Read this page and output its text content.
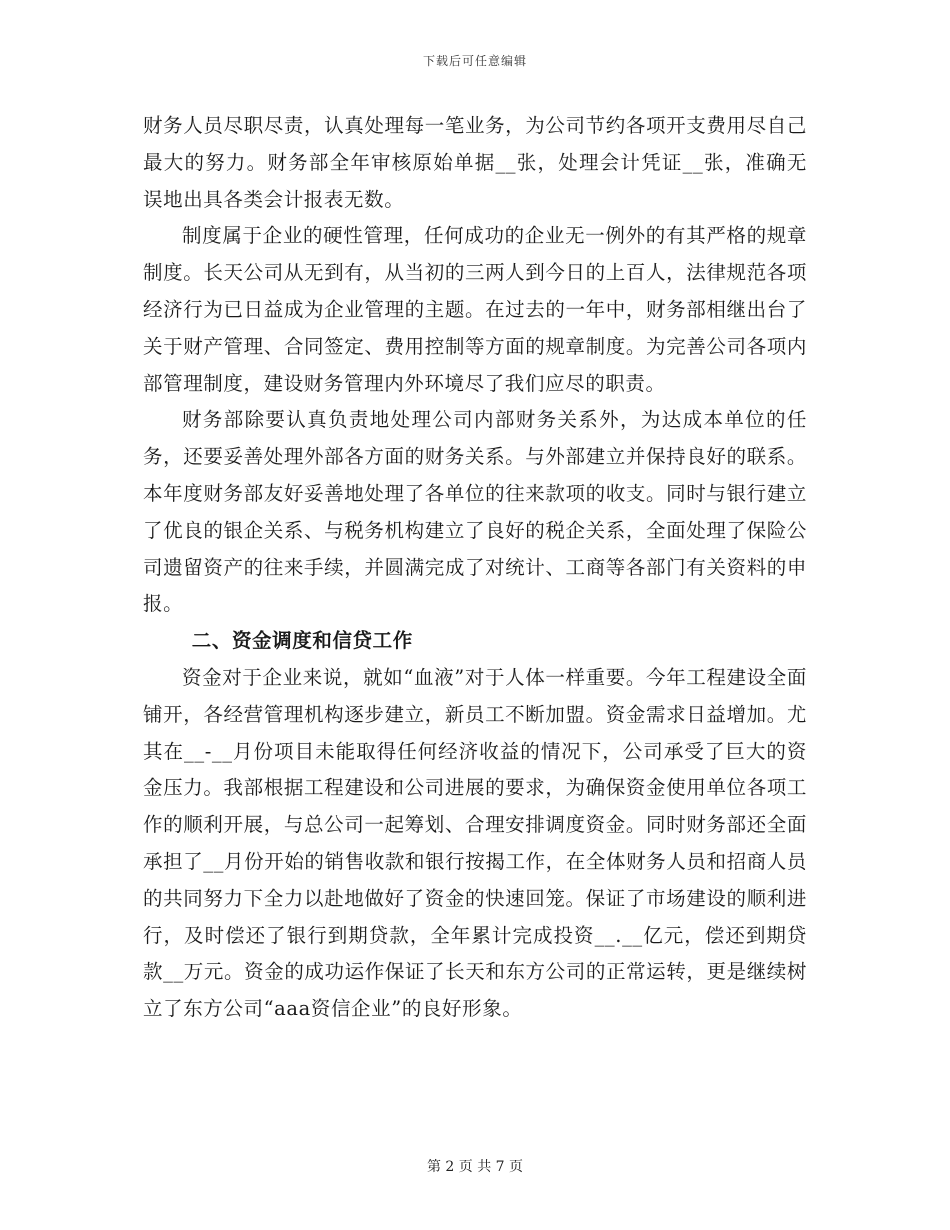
下载后可任意编辑

财务人员尽职尽责，认真处理每一笔业务，为公司节约各项开支费用尽自己最大的努力。财务部全年审核原始单据__张，处理会计凭证__张，准确无误地出具各类会计报表无数。

制度属于企业的硬性管理，任何成功的企业无一例外的有其严格的规章制度。长天公司从无到有，从当初的三两人到今日的上百人，法律规范各项经济行为已日益成为企业管理的主题。在过去的一年中，财务部相继出台了关于财产管理、合同签定、费用控制等方面的规章制度。为完善公司各项内部管理制度，建设财务管理内外环境尽了我们应尽的职责。

财务部除要认真负责地处理公司内部财务关系外，为达成本单位的任务，还要妥善处理外部各方面的财务关系。与外部建立并保持良好的联系。本年度财务部友好妥善地处理了各单位的往来款项的收支。同时与银行建立了优良的银企关系、与税务机构建立了良好的税企关系，全面处理了保险公司遗留资产的往来手续，并圆满完成了对统计、工商等各部门有关资料的申报。

二、资金调度和信贷工作

资金对于企业来说，就如“血液”对于人体一样重要。今年工程建设全面铺开，各经营管理机构逐步建立，新员工不断加盟。资金需求日益增加。尤其在__-__月份项目未能取得任何经济收益的情况下，公司承受了巨大的资金压力。我部根据工程建设和公司进展的要求，为确保资金使用单位各项工作的顺利开展，与总公司一起筹划、合理安排调度资金。同时财务部还全面承担了__月份开始的销售收款和银行按揭工作，在全体财务人员和招商人员的共同努力下全力以赴地做好了资金的快速回笼。保证了市场建设的顺利进行，及时偿还了银行到期贷款，全年累计完成投资__.__亿元，偿还到期贷款__万元。资金的成功运作保证了长天和东方公司的正常运转，更是继续树立了东方公司“aaa资信企业”的良好形象。

第 2 页 共 7 页
